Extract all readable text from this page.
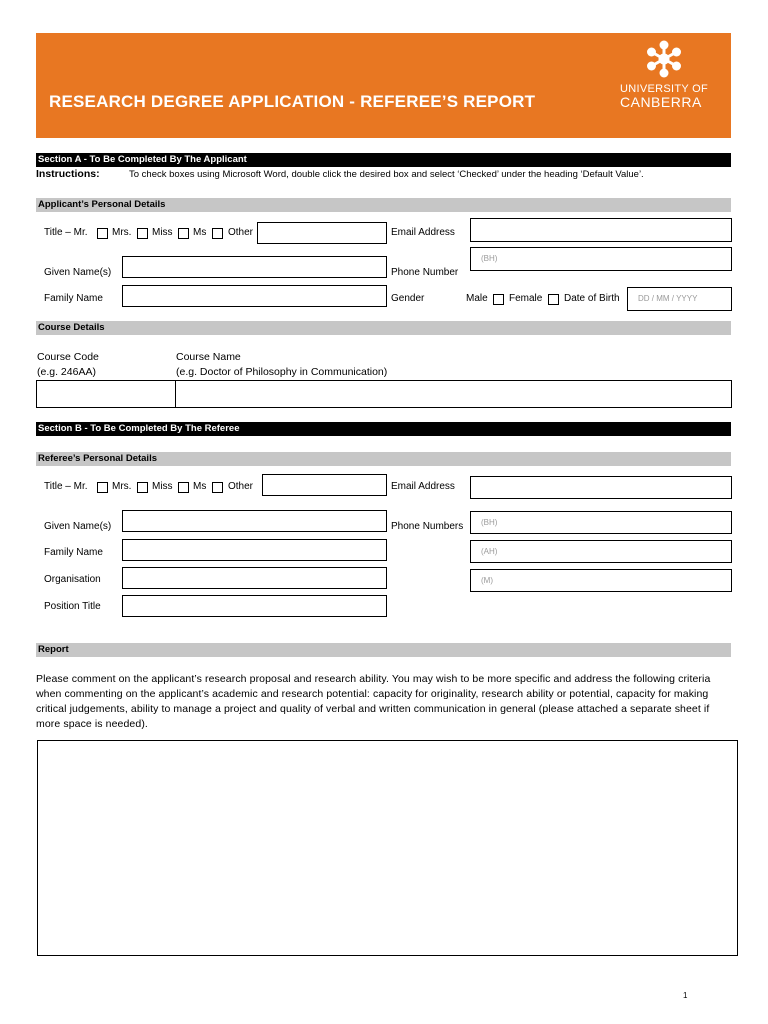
RESEARCH DEGREE APPLICATION - REFEREE’S REPORT
UNIVERSITY OF
CANBERRA
Section A - To Be Completed By The Applicant
Instructions:	To check boxes using Microsoft Word, double click the desired box and select ‘Checked’ under the heading ‘Default Value’.
Applicant’s Personal Details
Title – Mr. Mrs. Miss Ms Other	Email Address
Given Name(s)	Phone Number
(BH)
Family Name	Gender	Male Female Date of Birth	DD / MM / YYYY
Course Details
Course Code
(e.g. 246AA)
Course Name
(e.g. Doctor of Philosophy in Communication)
Section B - To Be Completed By The Referee
Referee’s Personal Details
Title – Mr. Mrs. Miss Ms Other	Email Address
Given Name(s)	Phone Numbers	(BH)
(AH)
(M)
Family Name
Organisation
Position Title
Report
Please comment on the applicant’s research proposal and research ability. You may wish to be more specific and address the following criteria when commenting on the applicant’s academic and research potential: capacity for originality, research ability or potential, capacity for making critical judgements, ability to manage a project and quality of verbal and written communication in general (please attached a separate sheet if more space is needed).
1
